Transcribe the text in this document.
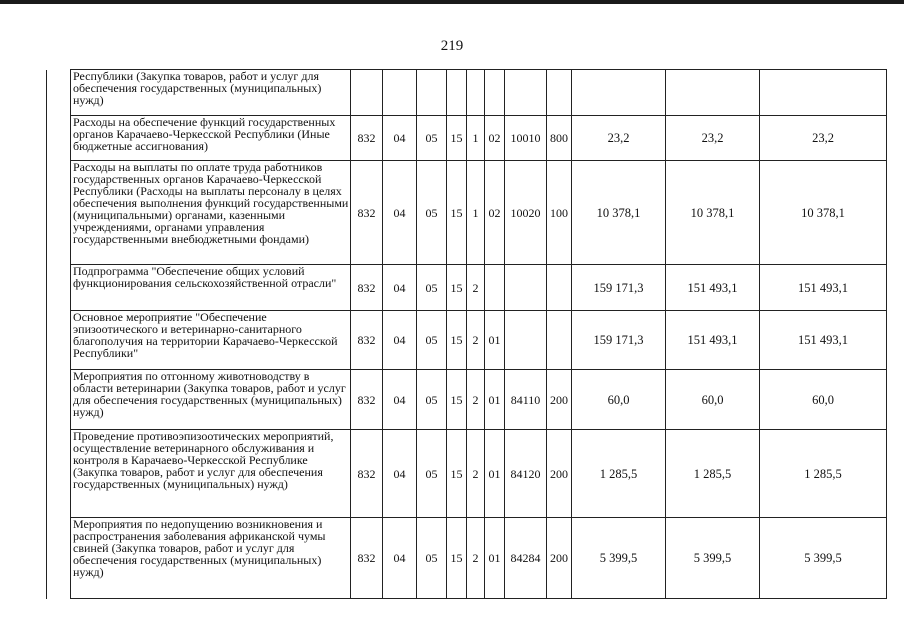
219
	Республики (Закупка товаров, работ и услуг для обеспечения государственных (муниципальных) нужд)											
	Расходы на обеспечение функций государственных органов Карачаево-Черкесской Республики (Иные бюджетные ассигнования)	832	04	05	15	1	02	10010	800	23,2	23,2	23,2
	Расходы на выплаты по оплате труда работников государственных органов Карачаево-Черкесской Республики (Расходы на выплаты персоналу в целях обеспечения выполнения функций государственными (муниципальными) органами, казенными учреждениями, органами управления государственными внебюджетными фондами)	832	04	05	15	1	02	10020	100	10 378,1	10 378,1	10 378,1
	Подпрограмма "Обеспечение общих условий функционирования сельскохозяйственной отрасли"	832	04	05	15	2				159 171,3	151 493,1	151 493,1
	Основное мероприятие "Обеспечение эпизоотического и ветеринарно-санитарного благополучия на территории Карачаево-Черкесской Республики"	832	04	05	15	2	01			159 171,3	151 493,1	151 493,1
	Мероприятия по отгонному животноводству в области ветеринарии (Закупка товаров, работ и услуг для обеспечения государственных (муниципальных) нужд)	832	04	05	15	2	01	84110	200	60,0	60,0	60,0
	Проведение противоэпизоотических мероприятий, осуществление ветеринарного обслуживания и контроля в Карачаево-Черкесской Республике (Закупка товаров, работ и услуг для обеспечения государственных (муниципальных) нужд)	832	04	05	15	2	01	84120	200	1 285,5	1 285,5	1 285,5
	Мероприятия по недопущению возникновения и распространения заболевания африканской чумы свиней (Закупка товаров, работ и услуг для обеспечения государственных (муниципальных) нужд)	832	04	05	15	2	01	84284	200	5 399,5	5 399,5	5 399,5
